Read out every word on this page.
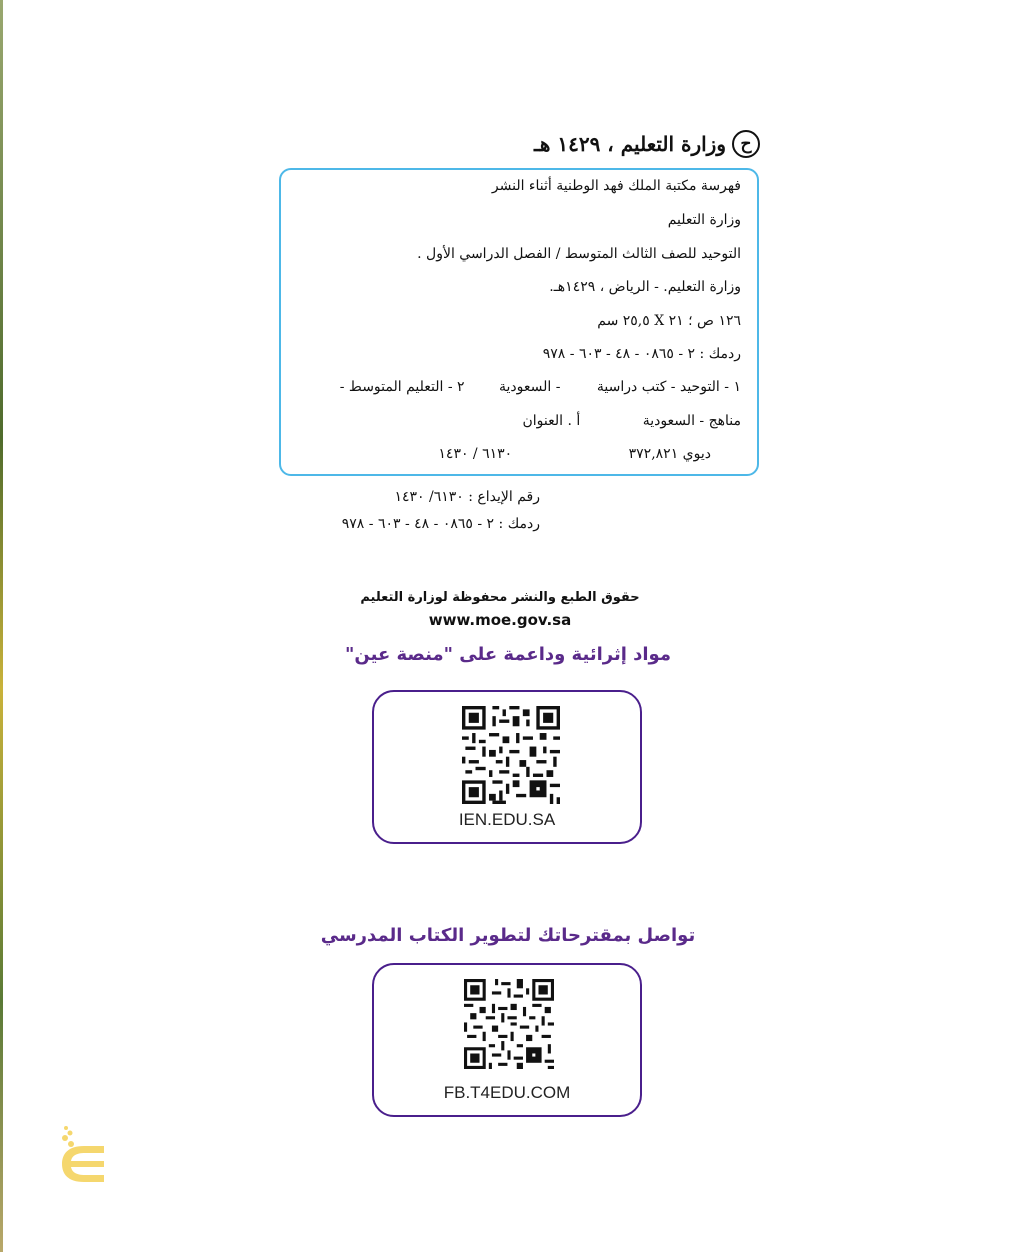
ح
وزارة التعليم ، ١٤٢٩ هـ
فهرسة مكتبة الملك فهد الوطنية أثناء النشر
وزارة التعليم
التوحيد للصف الثالث المتوسط / الفصل الدراسي الأول .
وزارة التعليم. - الرياض ، ١٤٢٩هـ.
١٢٦ ص ؛ ٢١ X ٢٥,٥ سم
ردمك : ٢ - ٠٨٦٥ - ٤٨ - ٦٠٣ - ٩٧٨
١ - التوحيد - كتب دراسية - السعودية ٢ - التعليم المتوسط -
مناهج - السعودية أ . العنوان
ديوي ٣٧٢,٨٢١ ٦١٣٠ / ١٤٣٠
رقم الإيداع : ٦١٣٠/ ١٤٣٠
ردمك : ٢ - ٠٨٦٥ - ٤٨ - ٦٠٣ - ٩٧٨
حقوق الطبع والنشر محفوظة لوزارة التعليم
www.moe.gov.sa
مواد إثرائية وداعمة على "منصة عين"
IEN.EDU.SA
تواصل بمقترحاتك لتطوير الكتاب المدرسي
FB.T4EDU.COM
